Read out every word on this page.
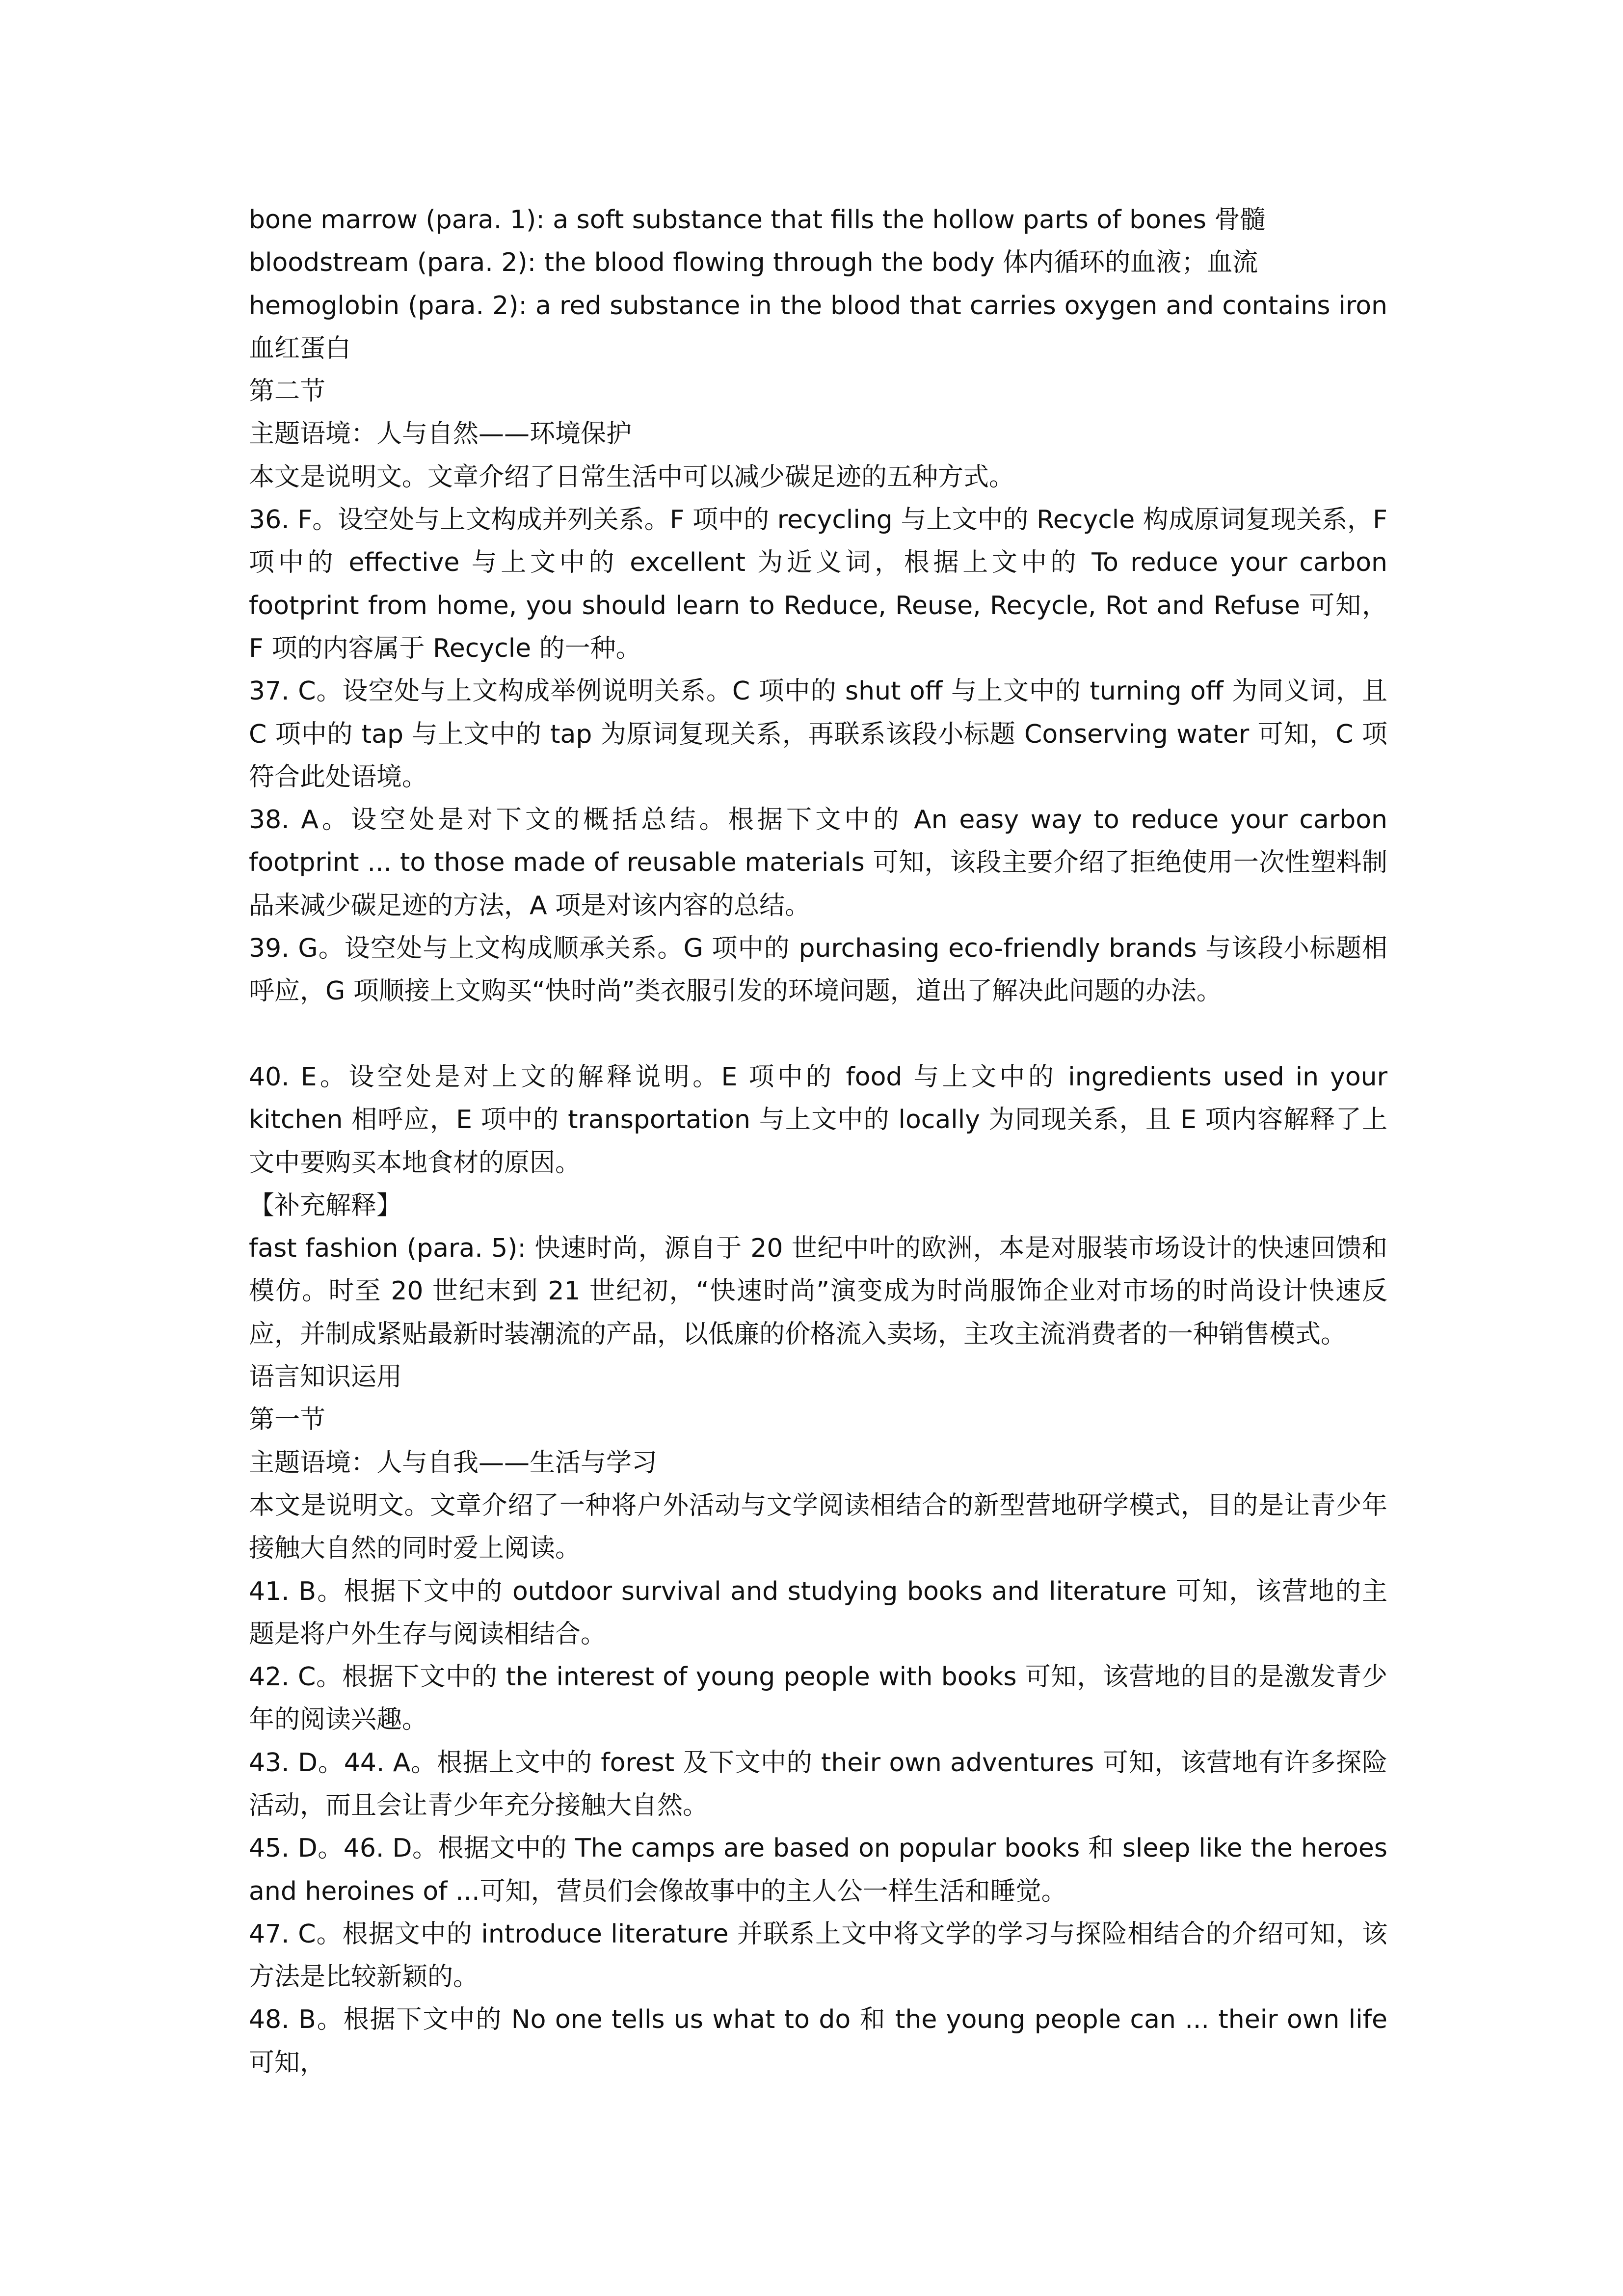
bone marrow (para. 1): a soft substance that fills the hollow parts of bones 骨髓

bloodstream (para. 2): the blood flowing through the body 体内循环的血液；血流

hemoglobin (para. 2): a red substance in the blood that carries oxygen and contains iron 血红蛋白

第二节

主题语境：人与自然——环境保护

本文是说明文。文章介绍了日常生活中可以减少碳足迹的五种方式。

36. F。设空处与上文构成并列关系。F 项中的 recycling 与上文中的 Recycle 构成原词复现关系，F 项中的 effective 与上文中的 excellent 为近义词，根据上文中的 To reduce your carbon footprint from home, you should learn to Reduce, Reuse, Recycle, Rot and Refuse 可知，F 项的内容属于 Recycle 的一种。

37. C。设空处与上文构成举例说明关系。C 项中的 shut off 与上文中的 turning off 为同义词，且 C 项中的 tap 与上文中的 tap 为原词复现关系，再联系该段小标题 Conserving water 可知，C 项符合此处语境。

38. A。设空处是对下文的概括总结。根据下文中的 An easy way to reduce your carbon footprint ... to those made of reusable materials 可知，该段主要介绍了拒绝使用一次性塑料制品来减少碳足迹的方法，A 项是对该内容的总结。

39. G。设空处与上文构成顺承关系。G 项中的 purchasing eco-friendly brands 与该段小标题相呼应，G 项顺接上文购买“快时尚”类衣服引发的环境问题，道出了解决此问题的办法。

40. E。设空处是对上文的解释说明。E 项中的 food 与上文中的 ingredients used in your kitchen 相呼应，E 项中的 transportation 与上文中的 locally 为同现关系，且 E 项内容解释了上文中要购买本地食材的原因。

【补充解释】

fast fashion (para. 5): 快速时尚，源自于 20 世纪中叶的欧洲，本是对服装市场设计的快速回馈和模仿。时至 20 世纪末到 21 世纪初，“快速时尚”演变成为时尚服饰企业对市场的时尚设计快速反应，并制成紧贴最新时装潮流的产品，以低廉的价格流入卖场，主攻主流消费者的一种销售模式。

语言知识运用

第一节

主题语境：人与自我——生活与学习

本文是说明文。文章介绍了一种将户外活动与文学阅读相结合的新型营地研学模式，目的是让青少年接触大自然的同时爱上阅读。

41. B。根据下文中的 outdoor survival and studying books and literature 可知，该营地的主题是将户外生存与阅读相结合。

42. C。根据下文中的 the interest of young people with books 可知，该营地的目的是激发青少年的阅读兴趣。

43. D。44. A。根据上文中的 forest 及下文中的 their own adventures 可知，该营地有许多探险活动，而且会让青少年充分接触大自然。

45. D。46. D。根据文中的 The camps are based on popular books 和 sleep like the heroes and heroines of ...可知，营员们会像故事中的主人公一样生活和睡觉。

47. C。根据文中的 introduce literature 并联系上文中将文学的学习与探险相结合的介绍可知，该方法是比较新颖的。

48. B。根据下文中的 No one tells us what to do 和 the young people can ... their own life 可知，
